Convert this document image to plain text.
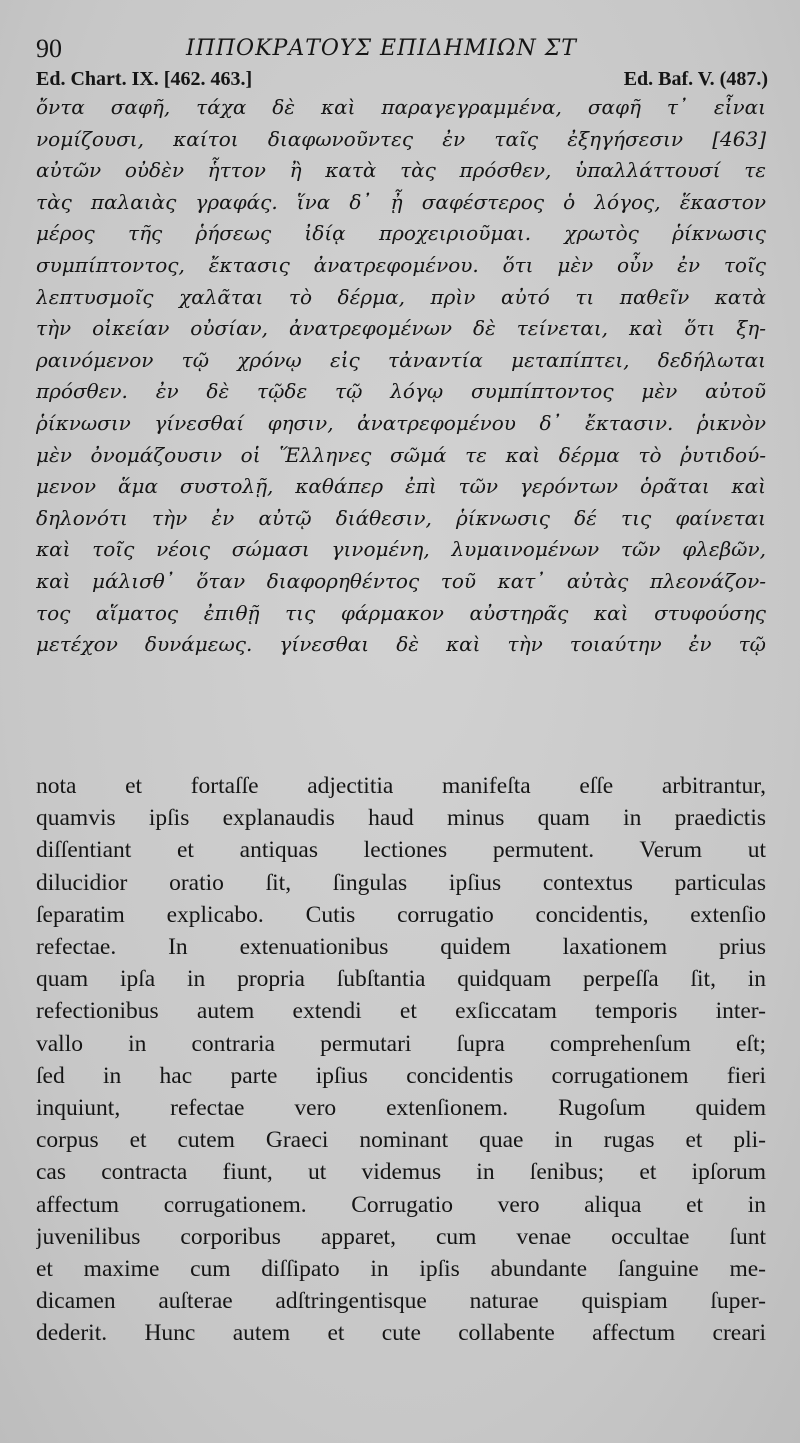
90	ΙΠΠΟΚΡΑΤΟΥΣ ΕΠΙΔΗΜΙΩΝ ΣΤ
Ed. Chart. IX. [462. 463.]	Ed. Baf. V. (487.)
ὄντα σαφῆ, τάχα δὲ καὶ παραγεγραμμένα, σαφῆ τ᾽ εἶναι
νομίζουσι, καίτοι διαφωνοῦντες ἐν ταῖς ἐξηγήσεσιν [463]
αὐτῶν οὐδὲν ἧττον ἢ κατὰ τὰς πρόσθεν, ὑπαλλάττουσί τε
τὰς παλαιὰς γραφάς. ἵνα δ᾽ ᾖ σαφέστερος ὁ λόγος, ἕκαστον
μέρος τῆς ῥήσεως ἰδίᾳ προχειριοῦμαι. χρωτὸς ῥίκνωσις
συμπίπτοντος, ἔκτασις ἀνατρεφομένου. ὅτι μὲν οὖν ἐν τοῖς
λεπτυσμοῖς χαλᾶται τὸ δέρμα, πρὶν αὐτό τι παθεῖν κατὰ
τὴν οἰκείαν οὐσίαν, ἀνατρεφομένων δὲ τείνεται, καὶ ὅτι ξη-
ραινόμενον τῷ χρόνῳ εἰς τἀναντία μεταπίπτει, δεδήλωται
πρόσθεν. ἐν δὲ τῷδε τῷ λόγῳ συμπίπτοντος μὲν αὐτοῦ
ῥίκνωσιν γίνεσθαί φησιν, ἀνατρεφομένου δ᾽ ἔκτασιν. ῥικνὸν
μὲν ὀνομάζουσιν οἱ Ἕλληνες σῶμά τε καὶ δέρμα τὸ ῥυτιδού-
μενον ἅμα συστολῇ, καθάπερ ἐπὶ τῶν γερόντων ὁρᾶται καὶ
δηλονότι τὴν ἐν αὐτῷ διάθεσιν, ῥίκνωσις δέ τις φαίνεται
καὶ τοῖς νέοις σώμασι γινομένη, λυμαινομένων τῶν φλεβῶν,
καὶ μάλισθ᾽ ὅταν διαφορηθέντος τοῦ κατ᾽ αὐτὰς πλεονάζον-
τος αἵματος ἐπιθῇ τις φάρμακον αὐστηρᾶς καὶ στυφούσης
μετέχον δυνάμεως. γίνεσθαι δὲ καὶ τὴν τοιαύτην ἐν τῷ
nota et fortaſſe adjectitia manifeſta eſſe arbitrantur,
quamvis ipſis explanaudis haud minus quam in praedictis
diſſentiant et antiquas lectiones permutent. Verum ut
dilucidior oratio ſit, ſingulas ipſius contextus particulas
ſeparatim explicabo. Cutis corrugatio concidentis, extenſio
refectae. In extenuationibus quidem laxationem prius
quam ipſa in propria ſubſtantia quidquam perpeſſa ſit, in
refectionibus autem extendi et exſiccatam temporis inter-
vallo in contraria permutari ſupra comprehenſum eſt;
ſed in hac parte ipſius concidentis corrugationem fieri
inquiunt, refectae vero extenſionem. Rugoſum quidem
corpus et cutem Graeci nominant quae in rugas et pli-
cas contracta fiunt, ut videmus in ſenibus; et ipſorum
affectum corrugationem. Corrugatio vero aliqua et in
juvenilibus corporibus apparet, cum venae occultae ſunt
et maxime cum diſſipato in ipſis abundante ſanguine me-
dicamen auſterae adſtringentisque naturae quispiam ſuper-
dederit. Hunc autem et cute collabente affectum creari
